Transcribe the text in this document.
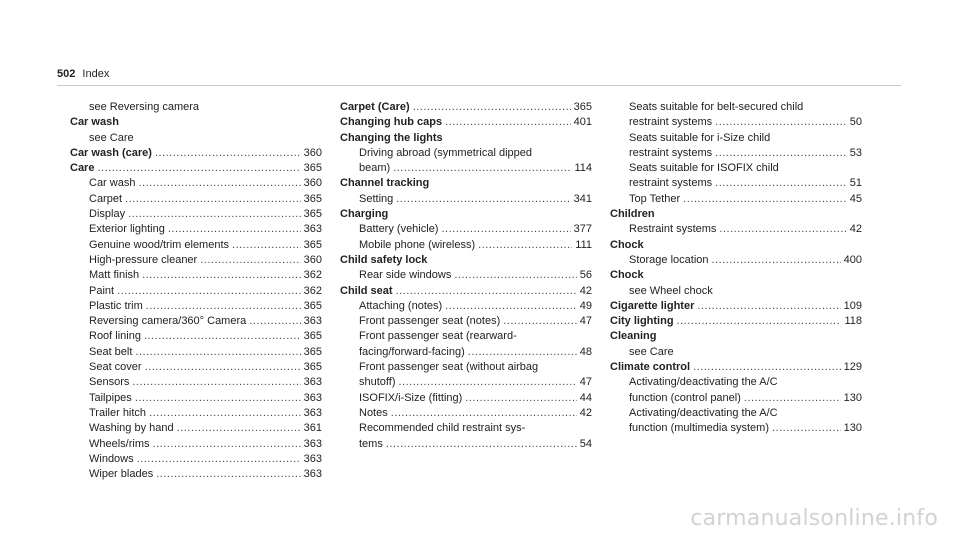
502 Index
see Reversing camera
Car wash
see Care
Car wash (care) .....	360
Care .....	365
Car wash .....	360
Carpet .....	365
Display .....	365
Exterior lighting .....	363
Genuine wood/trim elements .....	365
High-pressure cleaner .....	360
Matt finish .....	362
Paint .....	362
Plastic trim .....	365
Reversing camera/360° Camera .....	363
Roof lining .....	365
Seat belt .....	365
Seat cover .....	365
Sensors .....	363
Tailpipes .....	363
Trailer hitch .....	363
Washing by hand .....	361
Wheels/rims .....	363
Windows .....	363
Wiper blades .....	363
Carpet (Care) .....	365
Changing hub caps .....	401
Changing the lights
Driving abroad (symmetrical dipped
beam) .....	114
Channel tracking
Setting .....	341
Charging
Battery (vehicle) .....	377
Mobile phone (wireless) .....	111
Child safety lock
Rear side windows .....	56
Child seat .....	42
Attaching (notes) .....	49
Front passenger seat (notes) .....	47
Front passenger seat (rearward-
facing/forward-facing) .....	48
Front passenger seat (without airbag
shutoff) .....	47
ISOFIX/i-Size (fitting) .....	44
Notes .....	42
Recommended child restraint sys-
tems .....	54
Seats suitable for belt-secured child
restraint systems .....	50
Seats suitable for i-Size child
restraint systems .....	53
Seats suitable for ISOFIX child
restraint systems .....	51
Top Tether .....	45
Children
Restraint systems .....	42
Chock
Storage location .....	400
Chock
see Wheel chock
Cigarette lighter .....	109
City lighting .....	118
Cleaning
see Care
Climate control .....	129
Activating/deactivating the A/C
function (control panel) .....	130
Activating/deactivating the A/C
function (multimedia system) .....	130
carmanualsonline.info
